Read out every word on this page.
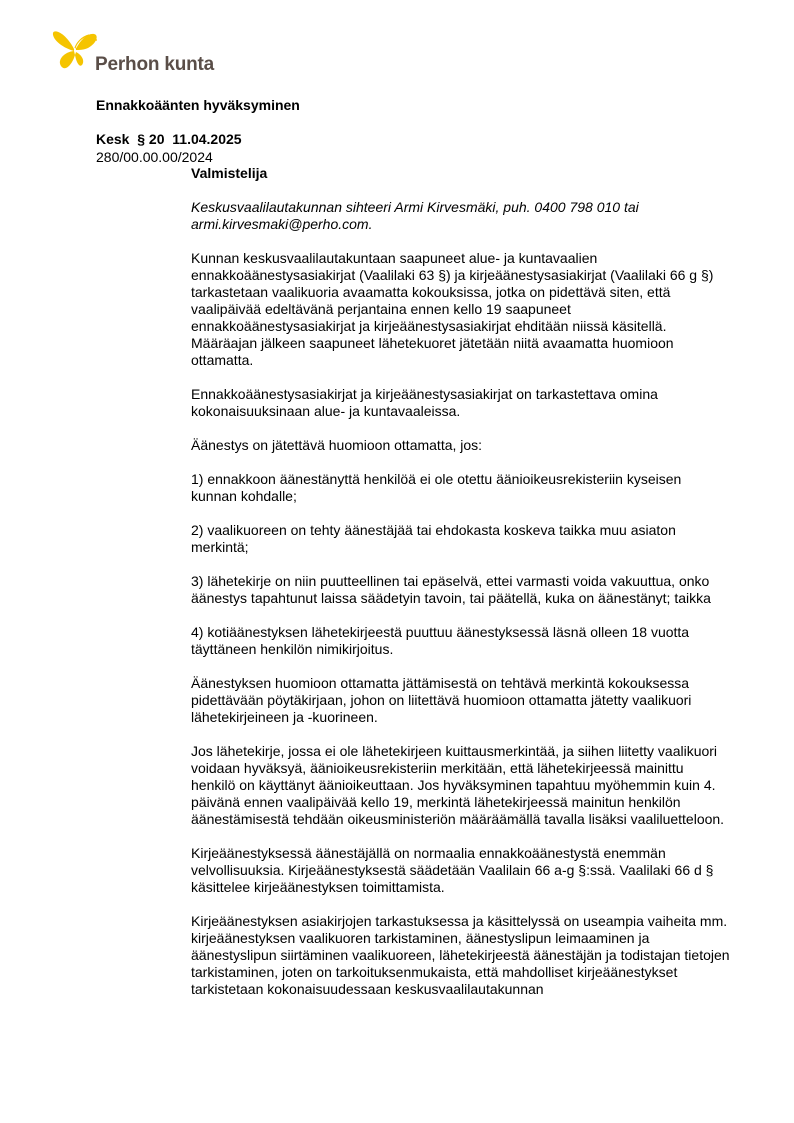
Perhon kunta
Ennakkoäänten hyväksyminen
Kesk  § 20  11.04.2025
280/00.00.00/2024

Valmistelija

Keskusvaalilautakunnan sihteeri Armi Kirvesmäki, puh. 0400 798 010 tai armi.kirvesmaki@perho.com.

Kunnan keskusvaalilautakuntaan saapuneet alue- ja kuntavaalien ennakkoäänestysasiakirjat (Vaalilaki 63 §) ja kirjeäänestysasiakirjat (Vaalilaki 66 g §) tarkastetaan vaalikuoria avaamatta kokouksissa, jotka on pidettävä siten, että vaalipäivää edeltävänä perjantaina ennen kello 19 saapuneet ennakkoäänestysasiakirjat ja kirjeäänestysasiakirjat ehditään niissä käsitellä. Määräajan jälkeen saapuneet lähetekuoret jätetään niitä avaamatta huomioon ottamatta.

Ennakkoäänestysasiakirjat ja kirjeäänestysasiakirjat on tarkastettava omina kokonaisuuksinaan alue- ja kuntavaaleissa.

Äänestys on jätettävä huomioon ottamatta, jos:

1) ennakkoon äänestänyttä henkilöä ei ole otettu äänioikeusrekisteriin kyseisen kunnan kohdalle;

2) vaalikuoreen on tehty äänestäjää tai ehdokasta koskeva taikka muu asiaton merkintä;

3) lähetekirje on niin puutteellinen tai epäselvä, ettei varmasti voida vakuuttua, onko äänestys tapahtunut laissa säädetyin tavoin, tai päätellä, kuka on äänestänyt; taikka

4) kotiäänestyksen lähetekirjeestä puuttuu äänestyksessä läsnä olleen 18 vuotta täyttäneen henkilön nimikirjoitus.

Äänestyksen huomioon ottamatta jättämisestä on tehtävä merkintä kokouksessa pidettävään pöytäkirjaan, johon on liitettävä huomioon ottamatta jätetty vaalikuori lähetekirjeineen ja -kuorineen.

Jos lähetekirje, jossa ei ole lähetekirjeen kuittausmerkintää, ja siihen liitetty vaalikuori voidaan hyväksyä, äänioikeusrekisteriin merkitään, että lähetekirjeessä mainittu henkilö on käyttänyt äänioikeuttaan. Jos hyväksyminen tapahtuu myöhemmin kuin 4. päivänä ennen vaalipäivää kello 19, merkintä lähetekirjeessä mainitun henkilön äänestämisestä tehdään oikeusministeriön määräämällä tavalla lisäksi vaaliluetteloon.

Kirjeäänestyksessä äänestäjällä on normaalia ennakkoäänestystä enemmän velvollisuuksia. Kirjeäänestyksestä säädetään Vaalilain 66 a-g §:ssä. Vaalilaki 66 d § käsittelee kirjeäänestyksen toimittamista.

Kirjeäänestyksen asiakirjojen tarkastuksessa ja käsittelyssä on useampia vaiheita mm. kirjeäänestyksen vaalikuoren tarkistaminen, äänestyslipun leimaaminen ja äänestyslipun siirtäminen vaalikuoreen, lähetekirjeestä äänestäjän ja todistajan tietojen tarkistaminen, joten on tarkoituksenmukaista, että mahdolliset kirjeäänestykset tarkistetaan kokonaisuudessaan keskusvaalilautakunnan
